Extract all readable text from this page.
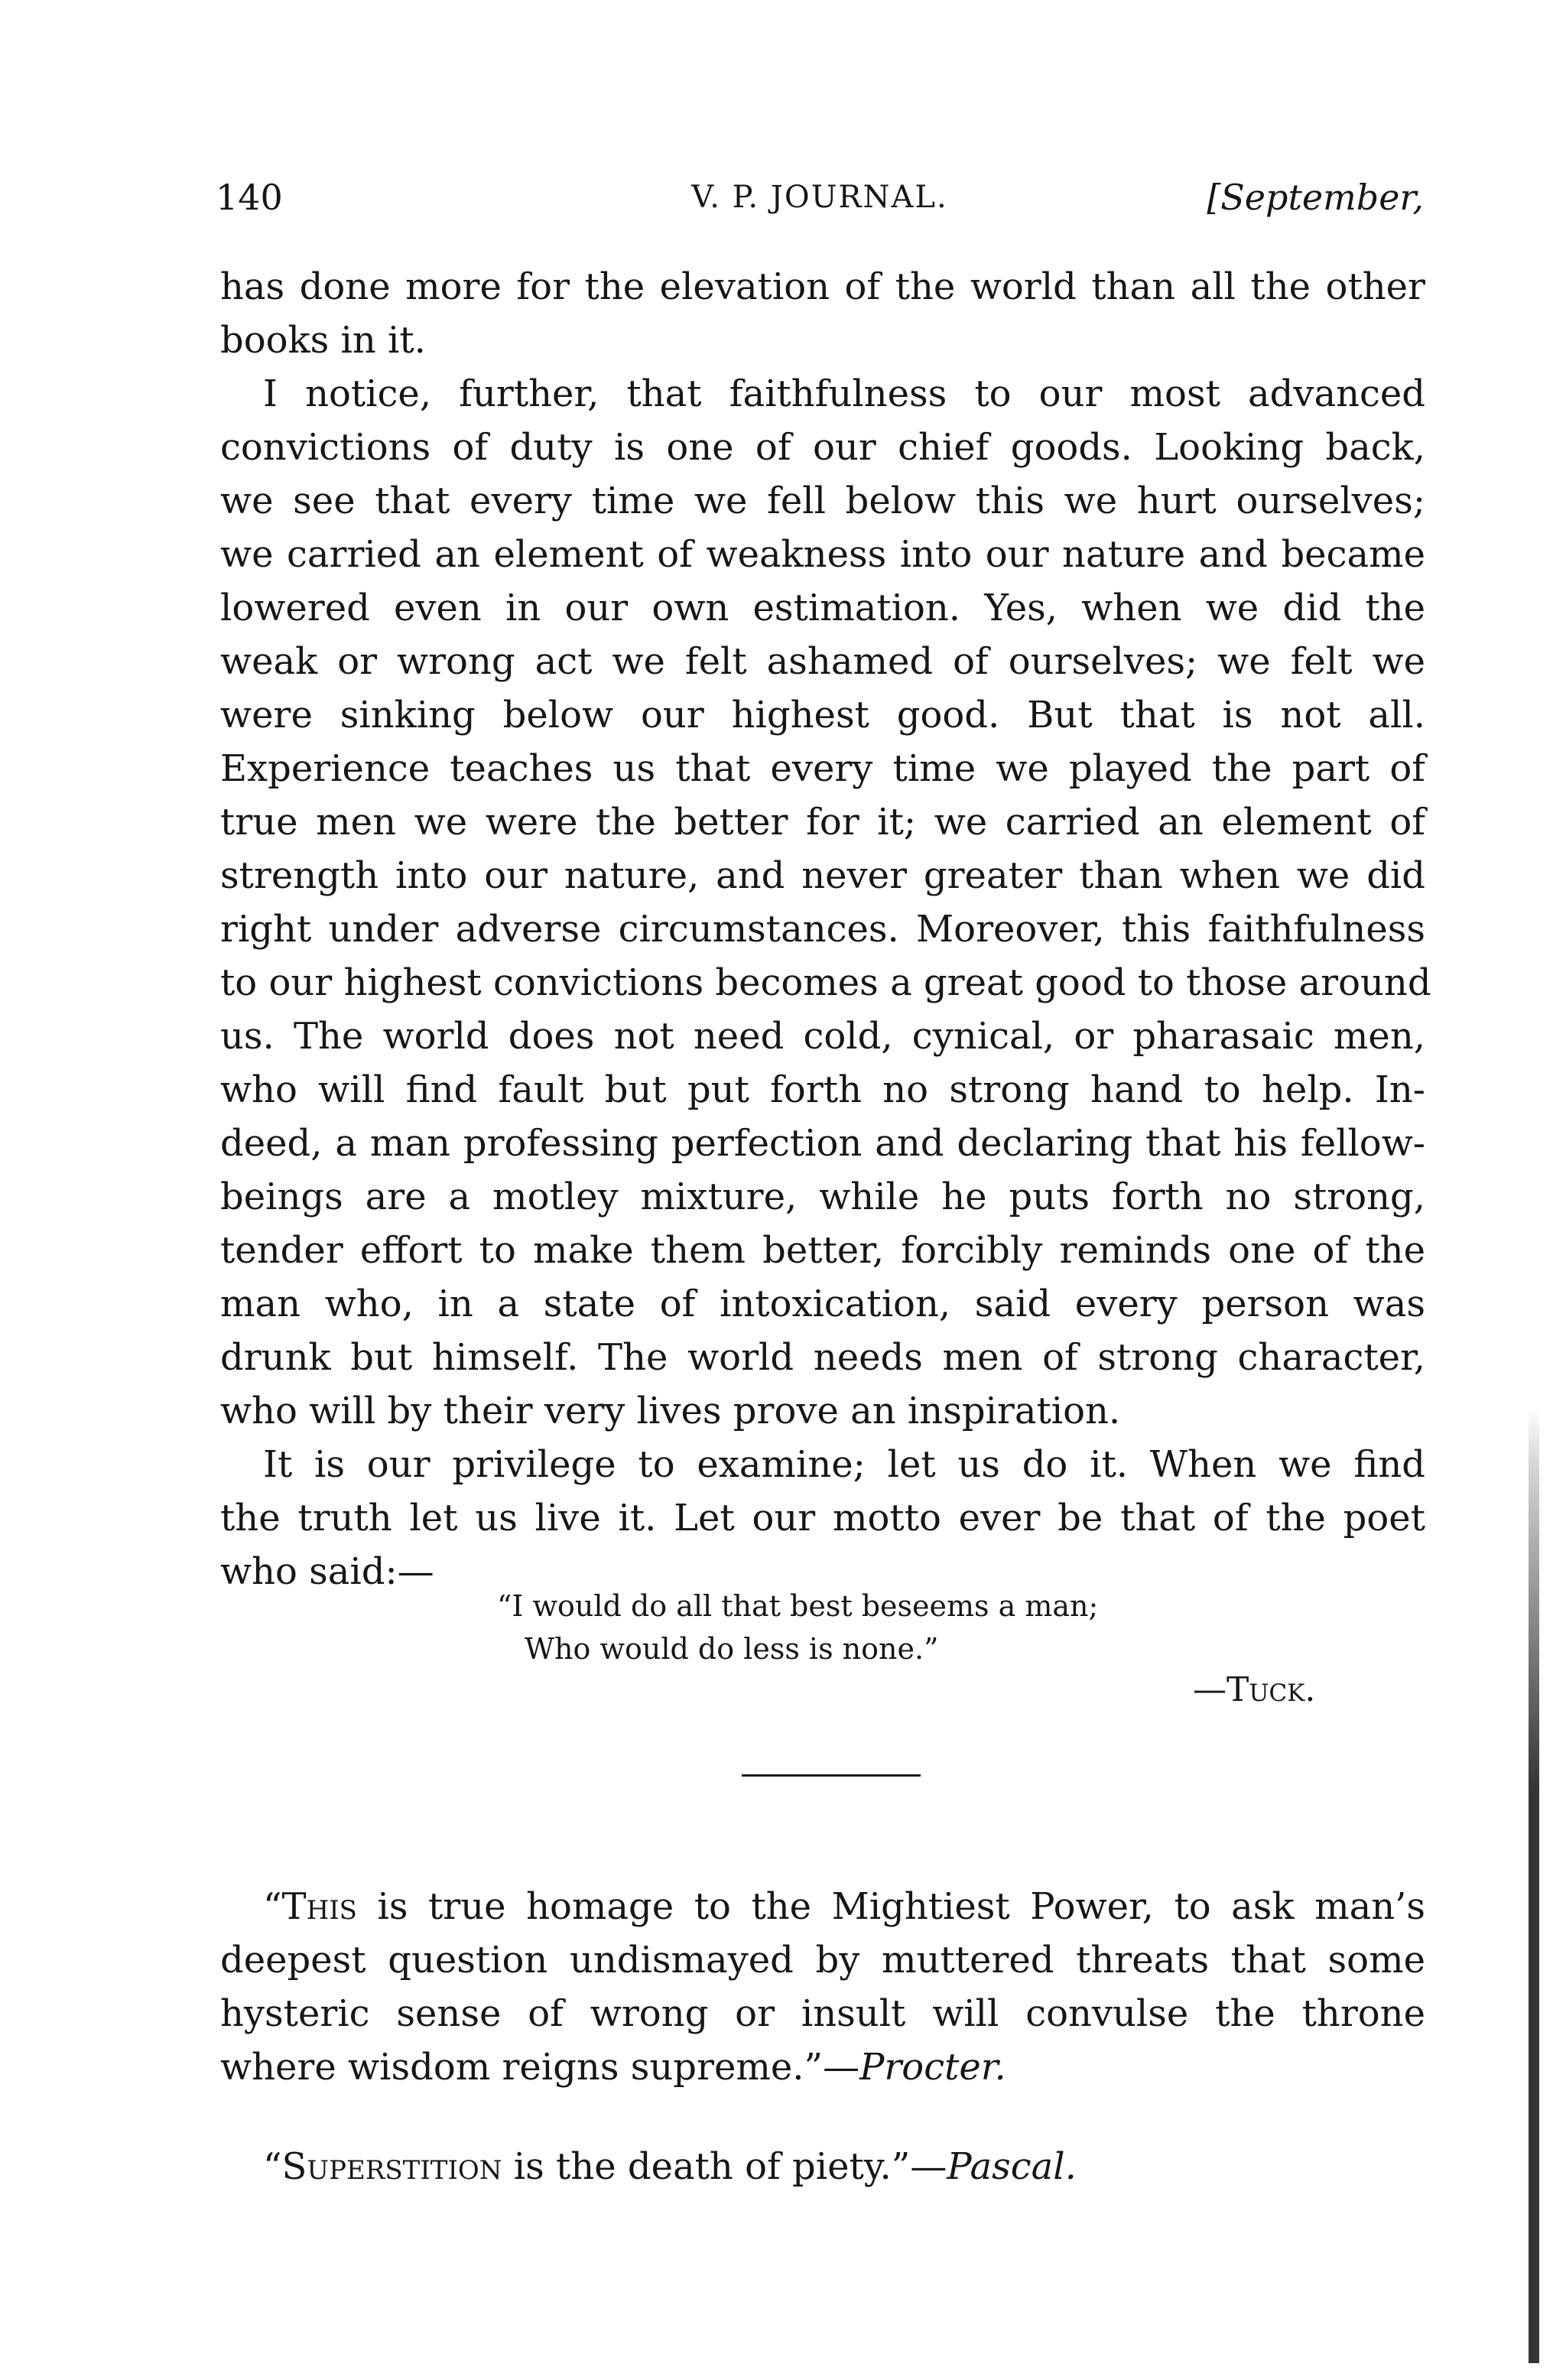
140	V. P. JOURNAL.	[September,
has done more for the elevation of the world than all the other
books in it.
I notice, further, that faithfulness to our most advanced
convictions of duty is one of our chief goods. Looking back,
we see that every time we fell below this we hurt ourselves;
we carried an element of weakness into our nature and became
lowered even in our own estimation. Yes, when we did the
weak or wrong act we felt ashamed of ourselves; we felt we
were sinking below our highest good. But that is not all.
Experience teaches us that every time we played the part of
true men we were the better for it; we carried an element of
strength into our nature, and never greater than when we did
right under adverse circumstances. Moreover, this faithfulness
to our highest convictions becomes a great good to those around
us. The world does not need cold, cynical, or pharasaic men,
who will find fault but put forth no strong hand to help. In-
deed, a man professing perfection and declaring that his fellow-
beings are a motley mixture, while he puts forth no strong,
tender effort to make them better, forcibly reminds one of the
man who, in a state of intoxication, said every person was
drunk but himself. The world needs men of strong character,
who will by their very lives prove an inspiration.
It is our privilege to examine; let us do it. When we find
the truth let us live it. Let our motto ever be that of the poet
who said:—
“I would do all that best beseems a man;
Who would do less is none.”
—Tuck.
“This is true homage to the Mightiest Power, to ask man’s
deepest question undismayed by muttered threats that some
hysteric sense of wrong or insult will convulse the throne
where wisdom reigns supreme.”—Procter.
“Superstition is the death of piety.”—Pascal.
